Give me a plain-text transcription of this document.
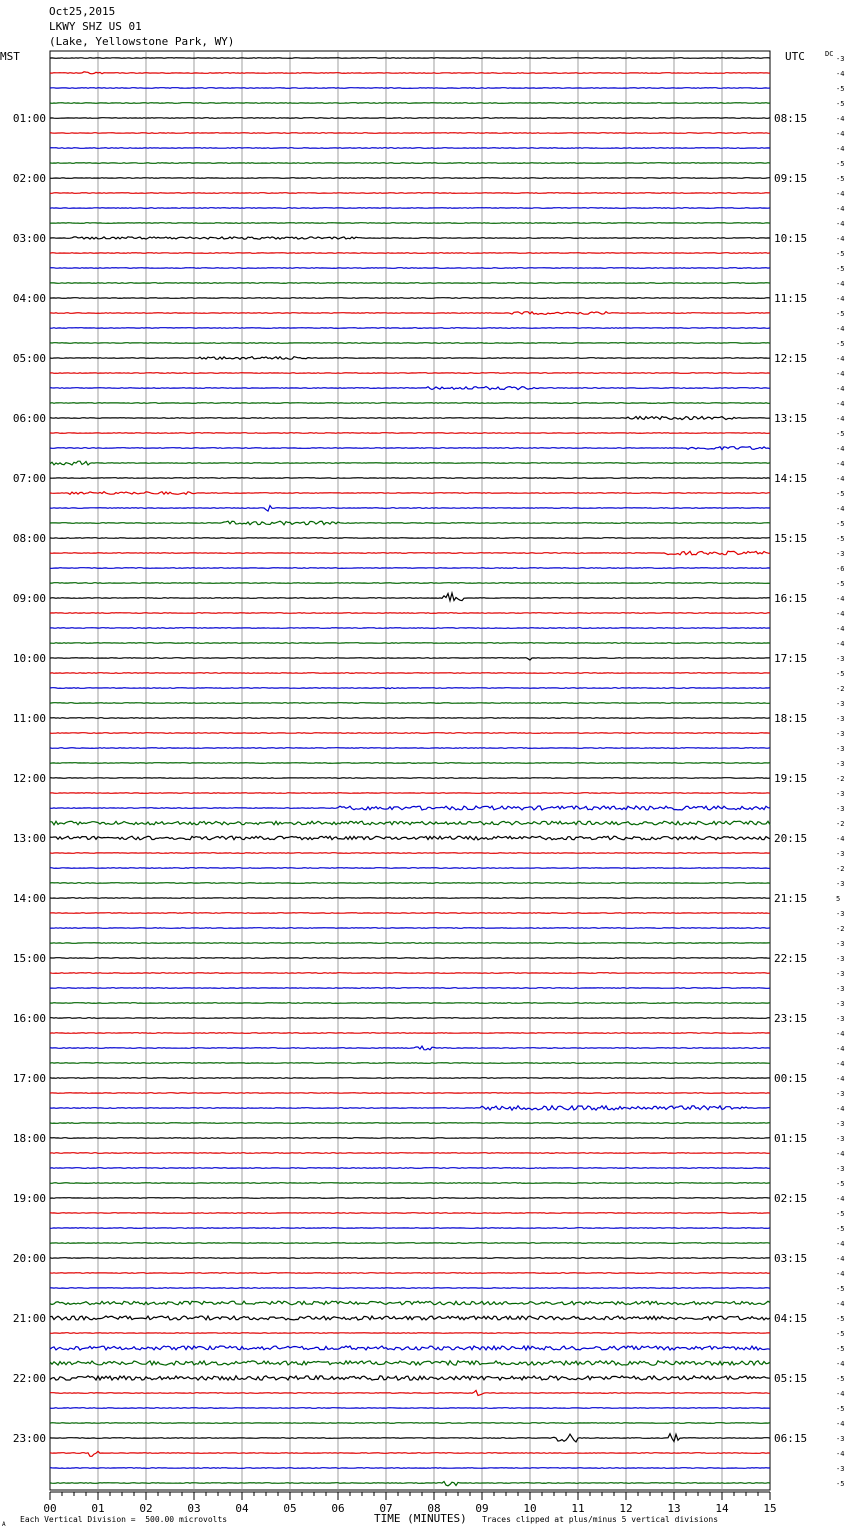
Oct25,2015
LKWY SHZ US 01
(Lake, Yellowstone Park, WY)
MST	UTC	-3
-4
-5
-5
-4
-4
-4
-5
-5
-4
-4
-4
-4
-5
-5
-4
-4
-5
-4
-5
-4
-4
-4
-4
-4
-5
-4
-4
-4
-5
-4
-5
-5
-3
-6
-5
-4
-4
-4
-4
-3
-5
-2
-3
-3
-3
-3
-3
-2
-3
-3
-2
-4
-3
-2
-3
5
-3
-2
-3
-3
-3
-3
-3
-3
-4
-4
-4
-4
-3
-4
-3
-3
-4
-3
-5
-4
-5
-5
-4
-4
-4
-5
-4
-5
-5
-5
-4
-5
-4
-5
-4
-3
-4
-3
-5
DC
01:00
02:00
03:00
04:00
05:00
06:00
07:00
08:00
09:00
10:00
11:00
12:00
13:00
14:00
15:00
16:00
17:00
18:00
19:00
20:00
21:00
22:00
23:00
08:15
09:15
10:15
11:15
12:15
13:15
14:15
15:15
16:15
17:15
18:15
19:15
20:15
21:15
22:15
23:15
00:15
01:15
02:15
03:15
04:15
05:15
06:15
00	01	02	03	04	05	06	07	08	09	10	11	12	13	14	15
TIME (MINUTES)
A
Each Vertical Division =  500.00 microvolts	Traces clipped at plus/minus 5 vertical divisions
